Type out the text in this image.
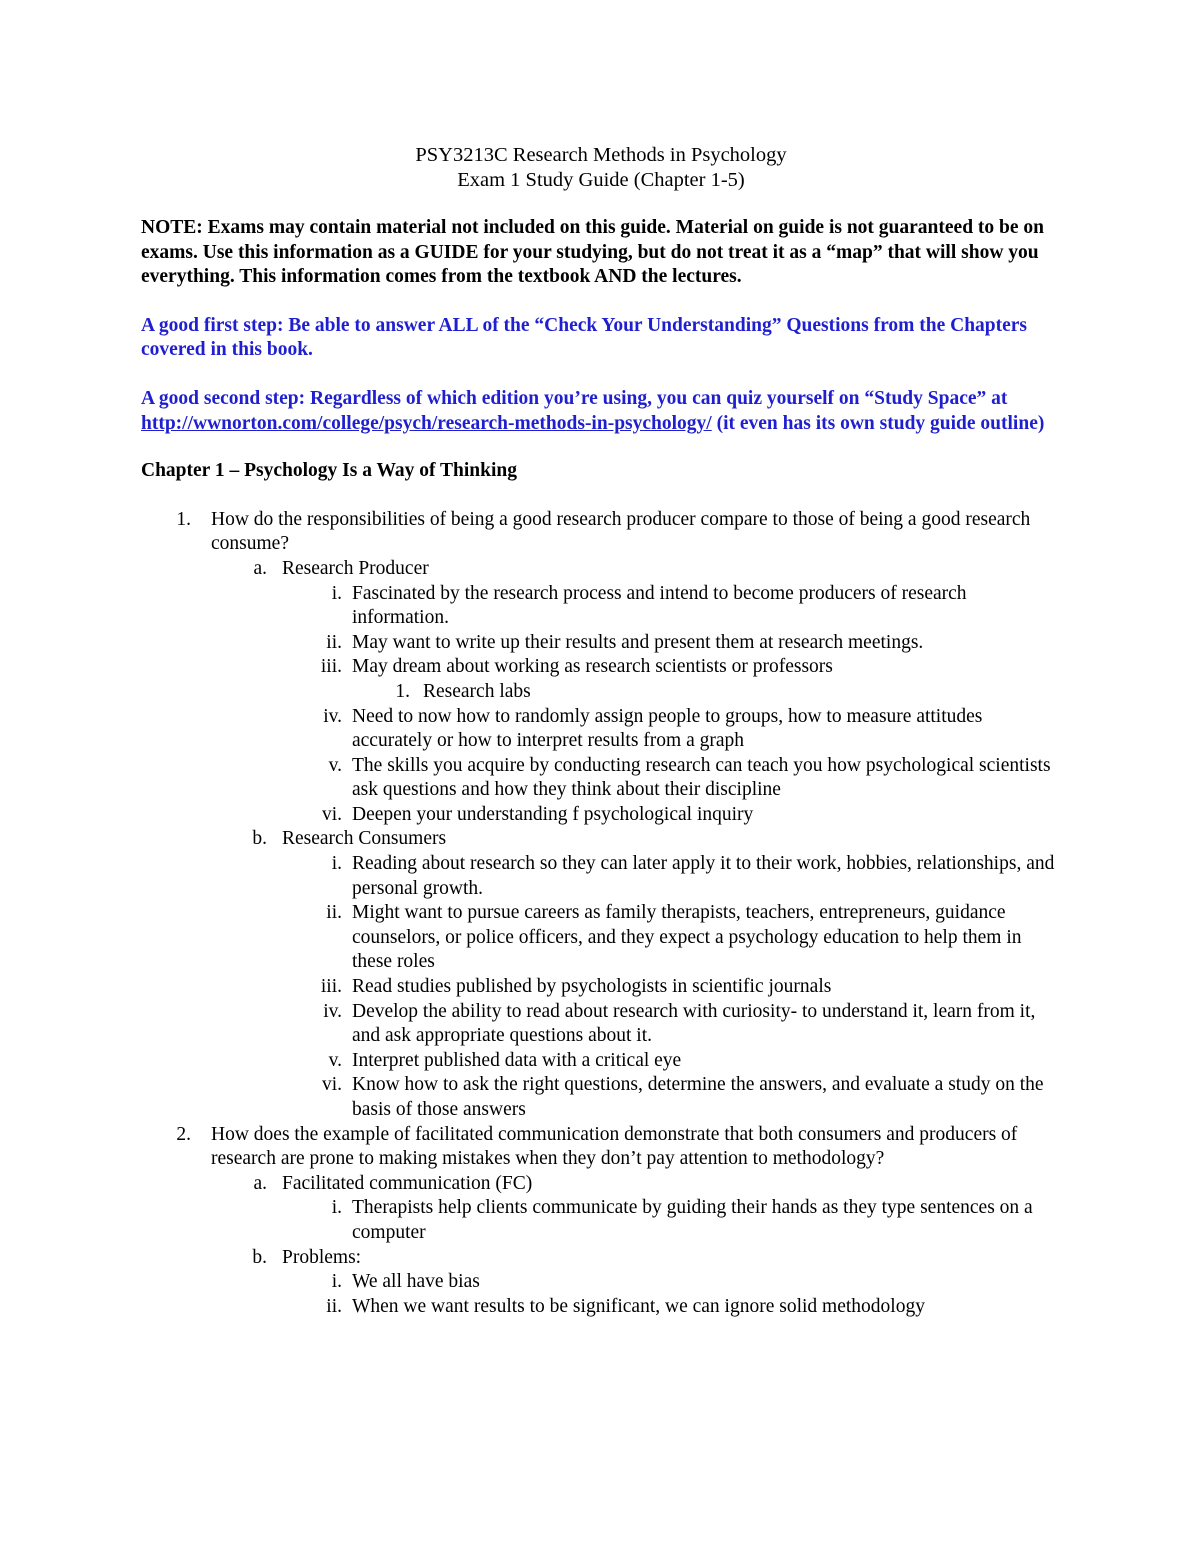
PSY3213C Research Methods in Psychology
Exam 1 Study Guide (Chapter 1-5)
NOTE: Exams may contain material not included on this guide. Material on guide is not guaranteed to be on exams. Use this information as a GUIDE for your studying, but do not treat it as a “map” that will show you everything. This information comes from the textbook AND the lectures.
A good first step: Be able to answer ALL of the “Check Your Understanding” Questions from the Chapters covered in this book.
A good second step: Regardless of which edition you’re using, you can quiz yourself on “Study Space” at http://wwnorton.com/college/psych/research-methods-in-psychology/ (it even has its own study guide outline)
Chapter 1 – Psychology Is a Way of Thinking
1. How do the responsibilities of being a good research producer compare to those of being a good research consume?
a. Research Producer
i. Fascinated by the research process and intend to become producers of research information.
ii. May want to write up their results and present them at research meetings.
iii. May dream about working as research scientists or professors
1. Research labs
iv. Need to now how to randomly assign people to groups, how to measure attitudes accurately or how to interpret results from a graph
v. The skills you acquire by conducting research can teach you how psychological scientists ask questions and how they think about their discipline
vi. Deepen your understanding f psychological inquiry
b. Research Consumers
i. Reading about research so they can later apply it to their work, hobbies, relationships, and personal growth.
ii. Might want to pursue careers as family therapists, teachers, entrepreneurs, guidance counselors, or police officers, and they expect a psychology education to help them in these roles
iii. Read studies published by psychologists in scientific journals
iv. Develop the ability to read about research with curiosity- to understand it, learn from it, and ask appropriate questions about it.
v. Interpret published data with a critical eye
vi. Know how to ask the right questions, determine the answers, and evaluate a study on the basis of those answers
2. How does the example of facilitated communication demonstrate that both consumers and producers of research are prone to making mistakes when they don’t pay attention to methodology?
a. Facilitated communication (FC)
i. Therapists help clients communicate by guiding their hands as they type sentences on a computer
b. Problems:
i. We all have bias
ii. When we want results to be significant, we can ignore solid methodology
